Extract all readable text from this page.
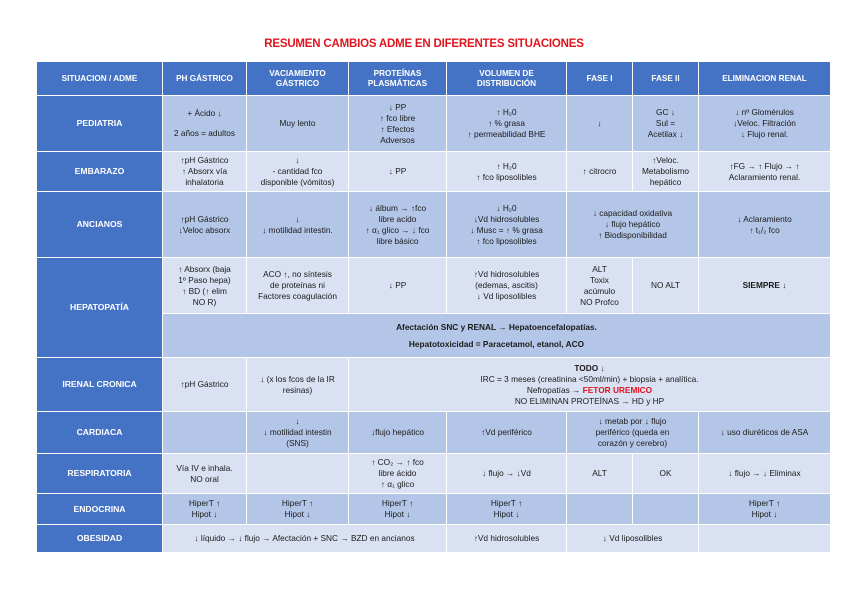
RESUMEN CAMBIOS ADME EN DIFERENTES SITUACIONES
SITUACION / ADME	PH GÁSTRICO	VACIAMIENTO GÁSTRICO	PROTEÍNAS PLASMÁTICAS	VOLUMEN DE DISTRIBUCIÓN	FASE I	FASE II	ELIMINACION RENAL
PEDIATRIA	+ Ácido ↓
2 años = adultos	Muy lento	↓ PP
↑ fco libre
↑ Efectos
Adversos	↑ H₂0
↑ % grasa
↑ permeabilidad BHE	↓	GC ↓
Sul =
Acetilax ↓	↓ nº Glomérulos
↓Veloc. Filtración
↓ Flujo renal.

EMBARAZO	↑pH Gástrico
↑ Absorx vía
inhalatoria	↓
- cantidad fco
disponible (vómitos)	↓ PP	↑ H₂0
↑ fco liposolibles	↑ citrocro	↑Veloc.
Metabolismo
hepático	↑FG → ↑ Flujo → ↑
Aclaramiento renal.

ANCIANOS	↑pH Gástrico
↓Veloc absorx	↓
↓ motilidad intestin.	↓ álbum → ↑fco
libre acido
↑ α₁ glico → ↓ fco
libre básico	↓ H₂0
↓Vd hidrosolubles
↓ Musc = ↑ % grasa
↑ fco liposolibles	↓ capacidad oxidativa
↓ flujo hepático
↑ Biodisponibilidad		↓ Aclaramiento
↑ t₁/₂ fco

HEPATOPATÍA	↑ Absorx (baja
1º Paso hepa)
↑ BD (↑ elim
NO R)	ACO ↑, no síntesis
de proteínas ni
Factores coagulación	↓ PP	↑Vd hidrosolubles
(edemas, ascitis)
↓ Vd liposolibles	ALT
Toxix
acúmulo
NO Profco	NO ALT	SIEMPRE ↓

	Afectación SNC y RENAL → Hepatoencefalopatías.
Hepatotoxicidad = Paracetamol, etanol, ACO						

IRENAL CRONICA	↑pH Gástrico	↓ (x los fcos de la IR
resinas)	TODO ↓
IRC = 3 meses (creatinina <50ml/min) + biopsia + analítica.
Nefropatías → FETOR UREMICO
NO ELIMINAN PROTEÍNAS → HD y HP				

CARDIACA		↓
↓ motilidad intestin
(SNS)	↓flujo hepático	↑Vd periférico	↓ metab por ↓ flujo
periférico (queda en
corazón y cerebro)		↓ uso diuréticos de ASA
RESPIRATORIA	Vía IV e inhala.
NO oral		↑ CO₂ → ↑ fco
libre ácido
↑ α₁ glico	↓ flujo → ↓Vd	ALT	OK	↓ flujo → ↓ Eliminax
ENDOCRINA	HiperT ↑
Hipot ↓	HiperT ↑
Hipot ↓	HiperT ↑
Hipot ↓	HiperT ↑
Hipot ↓			HiperT ↑
Hipot ↓

OBESIDAD	↓ líquido → ↓ flujo → Afectación + SNC → BZD en ancianos			↑Vd hidrosolubles	↓ Vd liposolibles		
